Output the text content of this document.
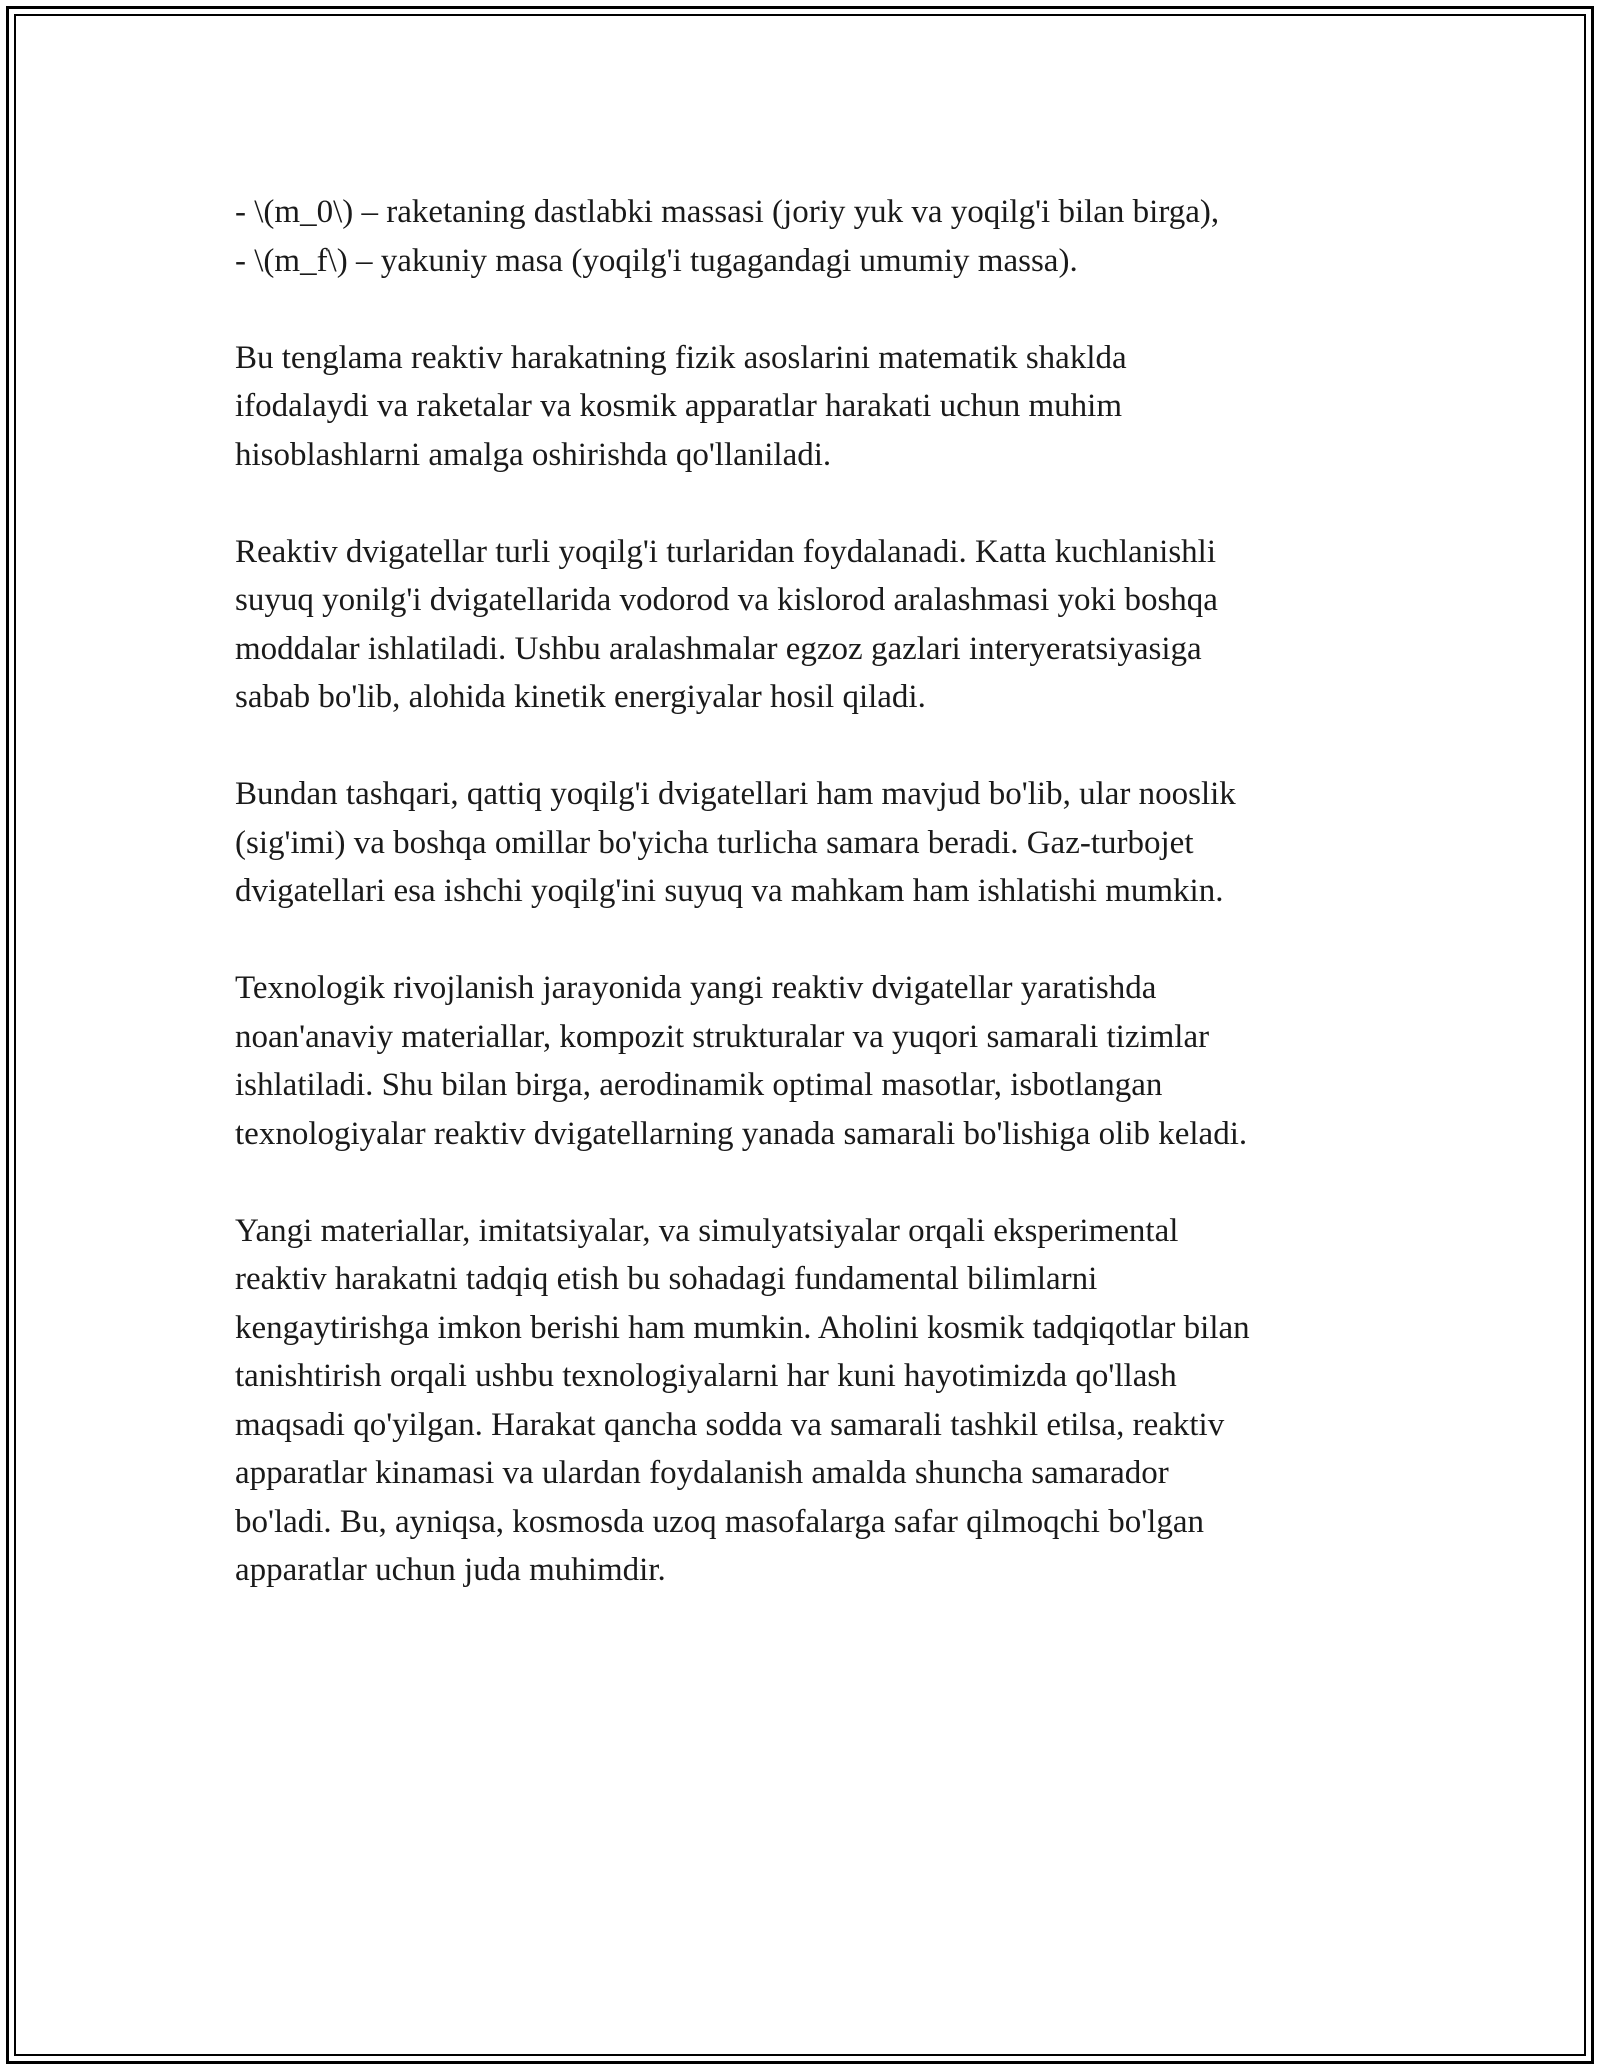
- \(m_0\) – raketaning dastlabki massasi (joriy yuk va yoqilg'i bilan birga),
- \(m_f\) – yakuniy masa (yoqilg'i tugagandagi umumiy massa).

Bu tenglama reaktiv harakatning fizik asoslarini matematik shaklda
ifodalaydi va raketalar va kosmik apparatlar harakati uchun muhim
hisoblashlarni amalga oshirishda qo'llaniladi.

Reaktiv dvigatellar turli yoqilg'i turlaridan foydalanadi. Katta kuchlanishli
suyuq yonilg'i dvigatellarida vodorod va kislorod aralashmasi yoki boshqa
moddalar ishlatiladi. Ushbu aralashmalar egzoz gazlari interyeratsiyasiga
sabab bo'lib, alohida kinetik energiyalar hosil qiladi.

Bundan tashqari, qattiq yoqilg'i dvigatellari ham mavjud bo'lib, ular nooslik
(sig'imi) va boshqa omillar bo'yicha turlicha samara beradi. Gaz-turbojet
dvigatellari esa ishchi yoqilg'ini suyuq va mahkam ham ishlatishi mumkin.

Texnologik rivojlanish jarayonida yangi reaktiv dvigatellar yaratishda
noan'anaviy materiallar, kompozit strukturalar va yuqori samarali tizimlar
ishlatiladi. Shu bilan birga, aerodinamik optimal masotlar, isbotlangan
texnologiyalar reaktiv dvigatellarning yanada samarali bo'lishiga olib keladi.

Yangi materiallar, imitatsiyalar, va simulyatsiyalar orqali eksperimental
reaktiv harakatni tadqiq etish bu sohadagi fundamental bilimlarni
kengaytirishga imkon berishi ham mumkin. Aholini kosmik tadqiqotlar bilan
tanishtirish orqali ushbu texnologiyalarni har kuni hayotimizda qo'llash
maqsadi qo'yilgan. Harakat qancha sodda va samarali tashkil etilsa, reaktiv
apparatlar kinamasi va ulardan foydalanish amalda shuncha samarador
bo'ladi. Bu, ayniqsa, kosmosda uzoq masofalarga safar qilmoqchi bo'lgan
apparatlar uchun juda muhimdir.
